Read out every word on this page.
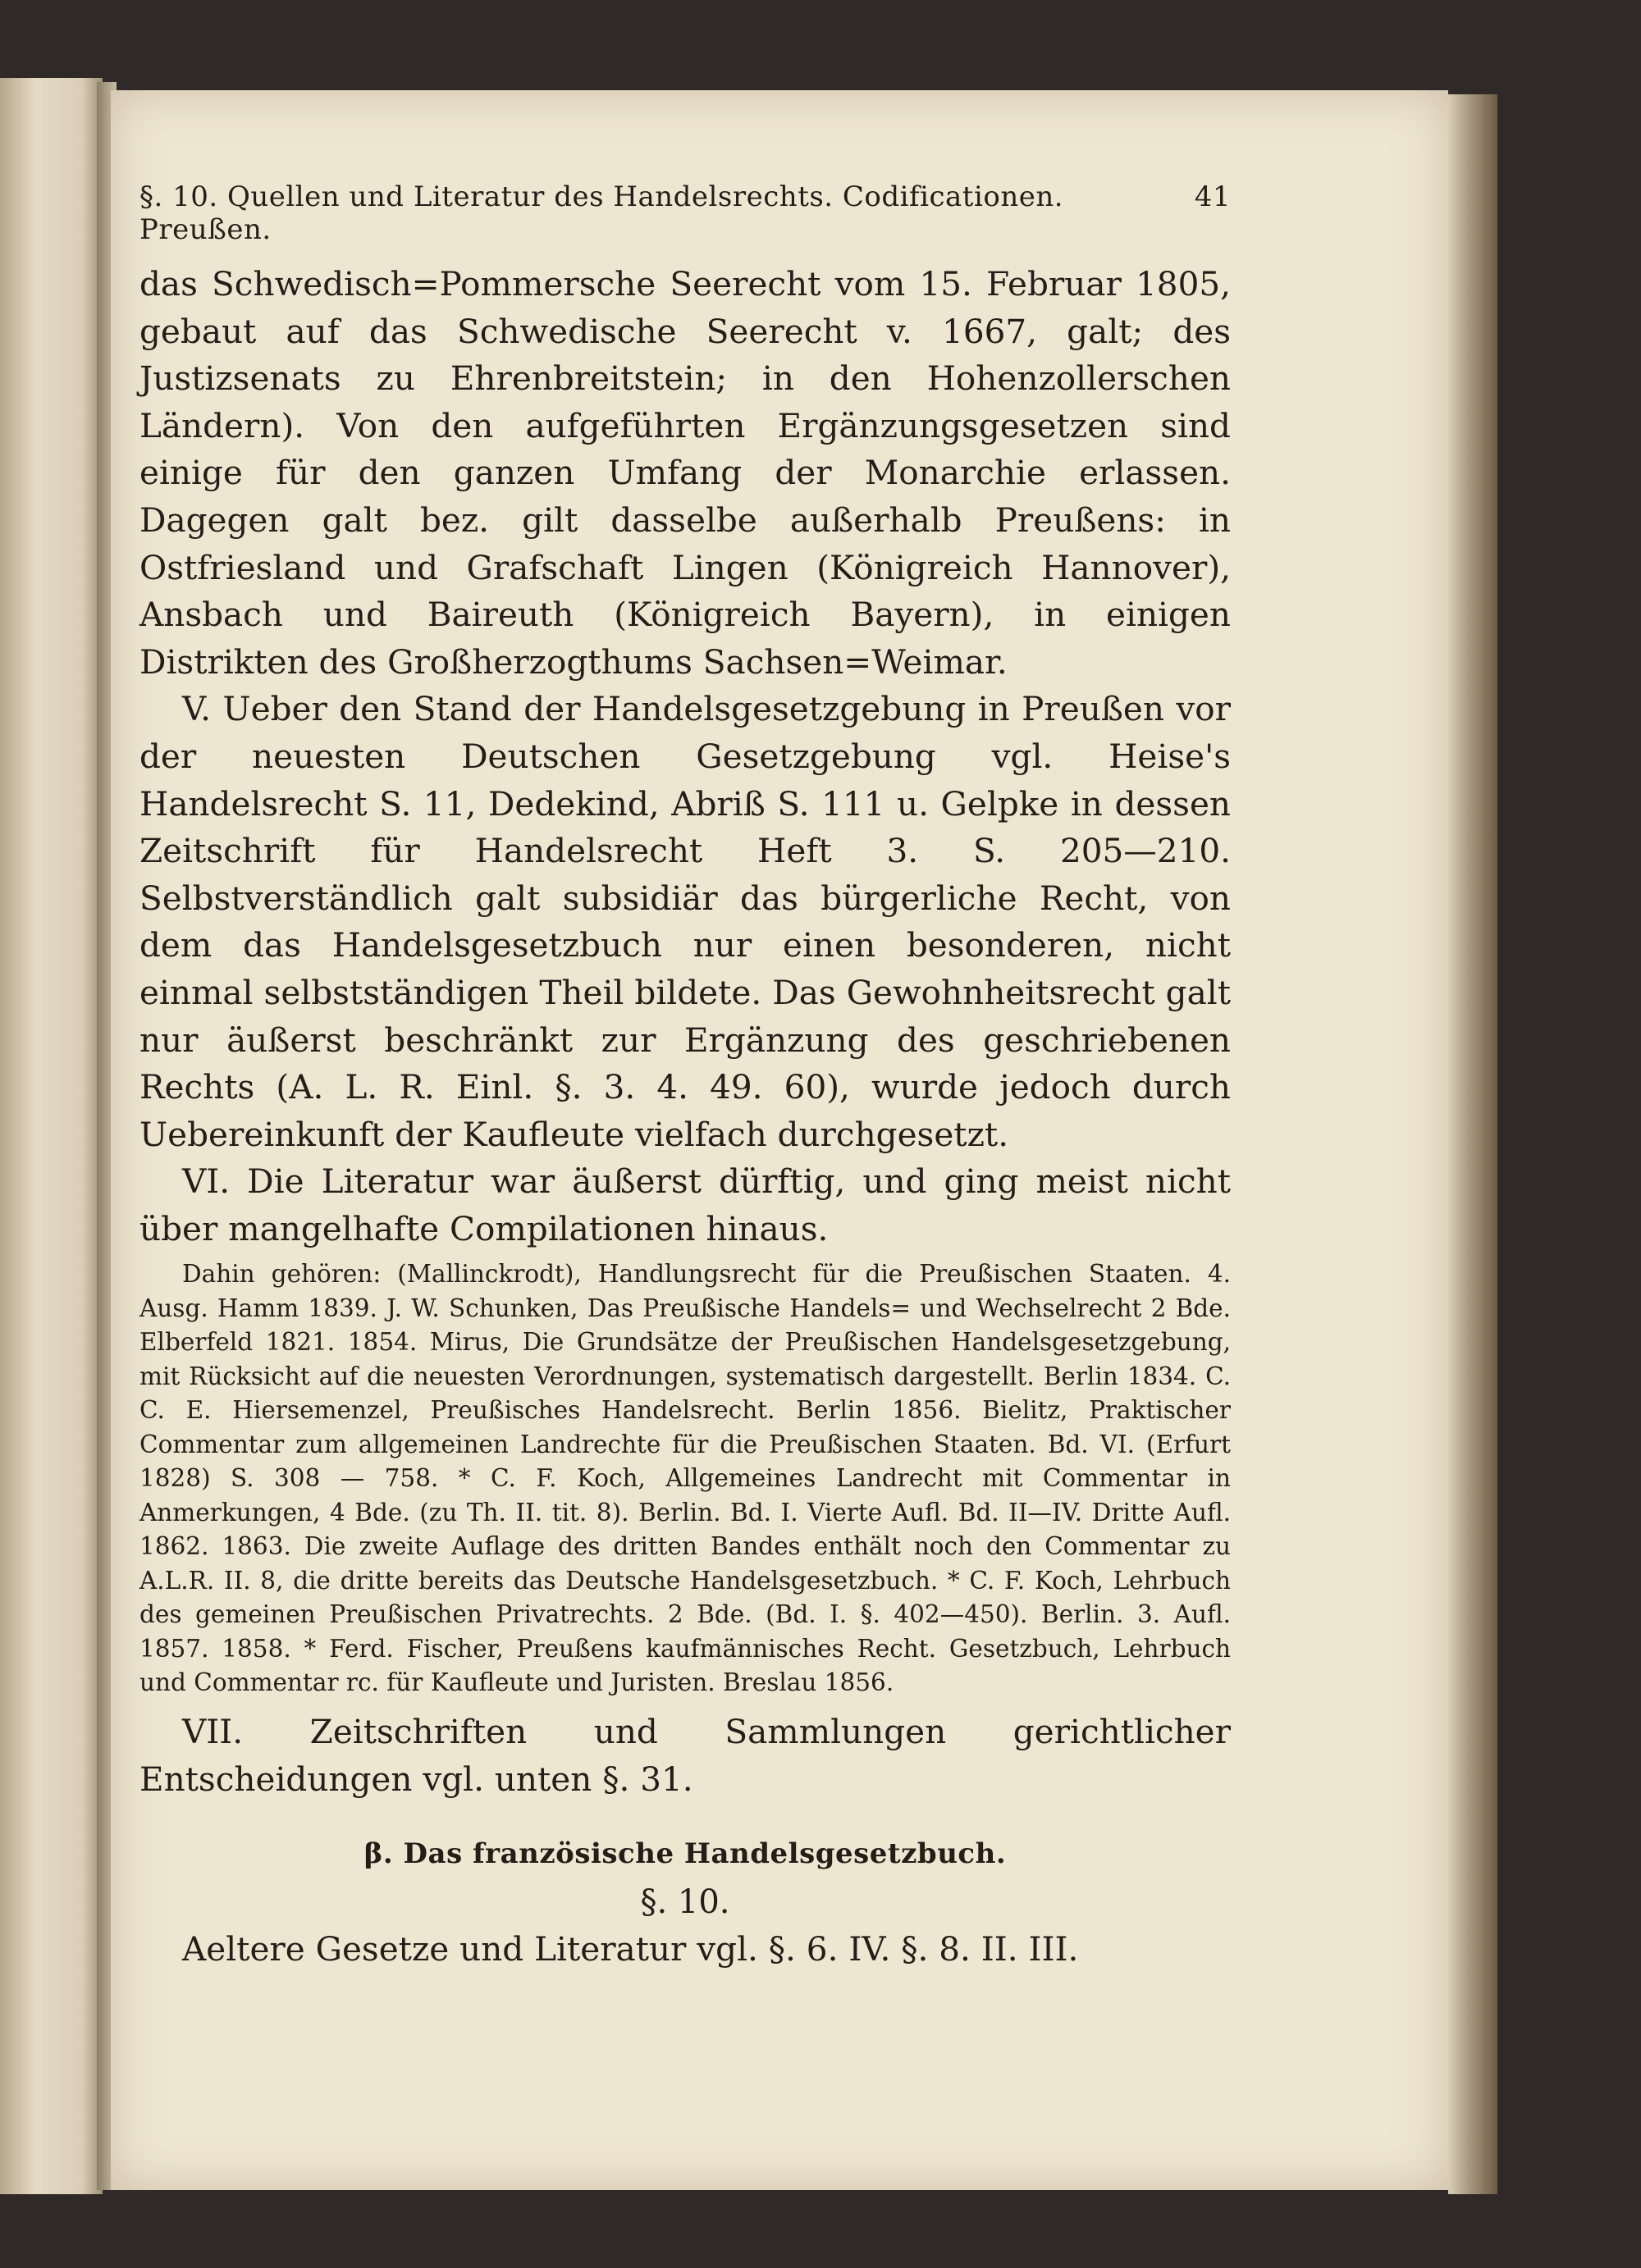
§. 10. Quellen und Literatur des Handelsrechts. Codificationen. Preußen.
41

das Schwedisch=Pommersche Seerecht vom 15. Februar 1805, gebaut auf das Schwedische Seerecht v. 1667, galt; des Justizsenats zu Ehrenbreitstein; in den Hohenzollerschen Ländern). Von den aufgeführten Ergänzungsgesetzen sind einige für den ganzen Umfang der Monarchie erlassen. Dagegen galt bez. gilt dasselbe außerhalb Preußens: in Ostfriesland und Grafschaft Lingen (Königreich Hannover), Ansbach und Baireuth (Königreich Bayern), in einigen Distrikten des Großherzogthums Sachsen=Weimar.

V. Ueber den Stand der Handelsgesetzgebung in Preußen vor der neuesten Deutschen Gesetzgebung vgl. Heise's Handelsrecht S. 11, Dedekind, Abriß S. 111 u. Gelpke in dessen Zeitschrift für Handelsrecht Heft 3. S. 205—210. Selbstverständlich galt subsidiär das bürgerliche Recht, von dem das Handelsgesetzbuch nur einen besonderen, nicht einmal selbstständigen Theil bildete. Das Gewohnheitsrecht galt nur äußerst beschränkt zur Ergänzung des geschriebenen Rechts (A. L. R. Einl. §. 3. 4. 49. 60), wurde jedoch durch Uebereinkunft der Kaufleute vielfach durchgesetzt.

VI. Die Literatur war äußerst dürftig, und ging meist nicht über mangelhafte Compilationen hinaus.

Dahin gehören: (Mallinckrodt), Handlungsrecht für die Preußischen Staaten. 4. Ausg. Hamm 1839. J. W. Schunken, Das Preußische Handels= und Wechselrecht 2 Bde. Elberfeld 1821. 1854. Mirus, Die Grundsätze der Preußischen Handelsgesetzgebung, mit Rücksicht auf die neuesten Verordnungen, systematisch dargestellt. Berlin 1834. C. C. E. Hiersemenzel, Preußisches Handelsrecht. Berlin 1856. Bielitz, Praktischer Commentar zum allgemeinen Landrechte für die Preußischen Staaten. Bd. VI. (Erfurt 1828) S. 308 — 758. * C. F. Koch, Allgemeines Landrecht mit Commentar in Anmerkungen, 4 Bde. (zu Th. II. tit. 8). Berlin. Bd. I. Vierte Aufl. Bd. II—IV. Dritte Aufl. 1862. 1863. Die zweite Auflage des dritten Bandes enthält noch den Commentar zu A.L.R. II. 8, die dritte bereits das Deutsche Handelsgesetzbuch. * C. F. Koch, Lehrbuch des gemeinen Preußischen Privatrechts. 2 Bde. (Bd. I. §. 402—450). Berlin. 3. Aufl. 1857. 1858. * Ferd. Fischer, Preußens kaufmännisches Recht. Gesetzbuch, Lehrbuch und Commentar rc. für Kaufleute und Juristen. Breslau 1856.

VII. Zeitschriften und Sammlungen gerichtlicher Entscheidungen vgl. unten §. 31.

β. Das französische Handelsgesetzbuch.
§. 10.

Aeltere Gesetze und Literatur vgl. §. 6. IV. §. 8. II. III.
